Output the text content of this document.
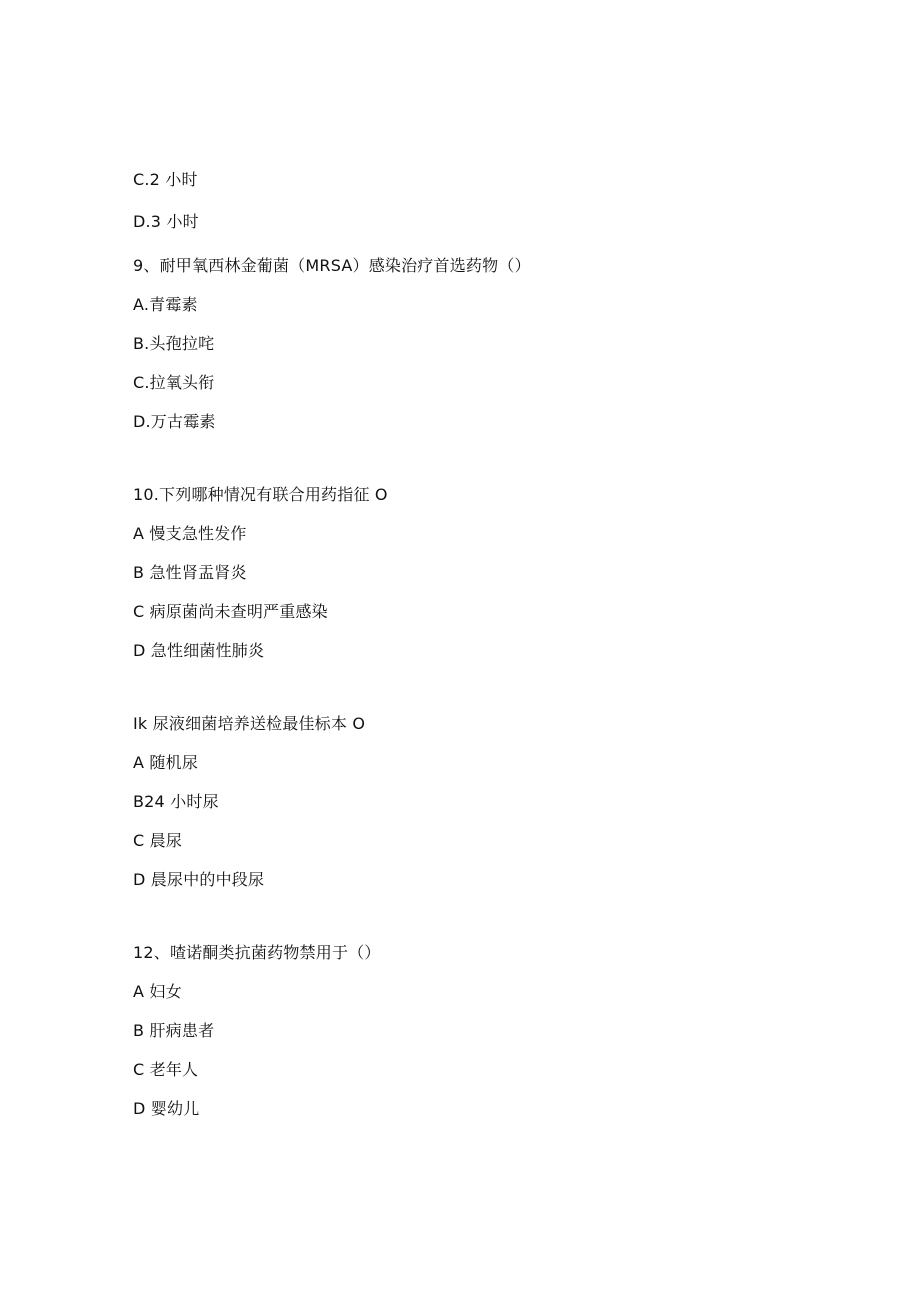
C.2 小时
D.3 小时
9、耐甲氧西林金葡菌（MRSA）感染治疗首选药物（）
A.青霉素
B.头孢拉咤
C.拉氧头衔
D.万古霉素
10.下列哪种情况有联合用药指征 O
A 慢支急性发作
B 急性肾盂肾炎
C 病原菌尚未查明严重感染
D 急性细菌性肺炎
Ik 尿液细菌培养送检最佳标本 O
A 随机尿
B24 小时尿
C 晨尿
D 晨尿中的中段尿
12、喳诺酮类抗菌药物禁用于（）
A 妇女
B 肝病患者
C 老年人
D 婴幼儿
